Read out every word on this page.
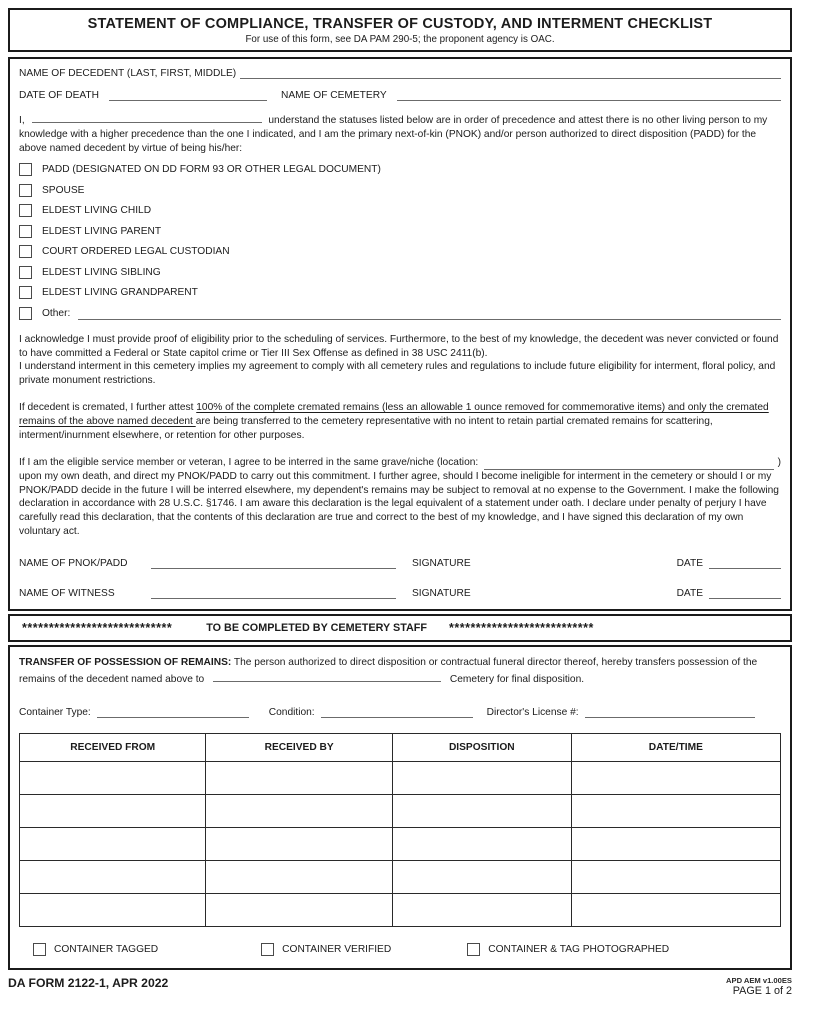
STATEMENT OF COMPLIANCE, TRANSFER OF CUSTODY, AND INTERMENT CHECKLIST
For use of this form, see DA PAM 290-5; the proponent agency is OAC.
NAME OF DECEDENT (LAST, FIRST, MIDDLE)
DATE OF DEATH	NAME OF CEMETERY
I,	understand the statuses listed below are in order of precedence and attest there is no other living person to my knowledge with a higher precedence than the one I indicated, and I am the primary next-of-kin (PNOK) and/or person authorized to direct disposition (PADD) for the above named decedent by virtue of being his/her:
PADD (DESIGNATED ON DD FORM 93 OR OTHER LEGAL DOCUMENT)
SPOUSE
ELDEST LIVING CHILD
ELDEST LIVING PARENT
COURT ORDERED LEGAL CUSTODIAN
ELDEST LIVING SIBLING
ELDEST LIVING GRANDPARENT
Other:
I acknowledge I must provide proof of eligibility prior to the scheduling of services. Furthermore, to the best of my knowledge, the decedent was never convicted or found to have committed a Federal or State capitol crime or Tier III Sex Offense as defined in 38 USC 2411(b).
I understand interment in this cemetery implies my agreement to comply with all cemetery rules and regulations to include future eligibility for interment, floral policy, and private monument restrictions.
If decedent is cremated, I further attest 100% of the complete cremated remains (less an allowable 1 ounce removed for commemorative items) and only the cremated remains of the above named decedent are being transferred to the cemetery representative with no intent to retain partial cremated remains for scattering, interment/inurnment elsewhere, or retention for other purposes.
If I am the eligible service member or veteran, I agree to be interred in the same grave/niche (location:	)
upon my own death, and direct my PNOK/PADD to carry out this commitment. I further agree, should I become ineligible for interment in the cemetery or should I or my PNOK/PADD decide in the future I will be interred elsewhere, my dependent's remains may be subject to removal at no expense to the Government. I make the following declaration in accordance with 28 U.S.C. §1746. I am aware this declaration is the legal equivalent of a statement under oath. I declare under penalty of perjury I have carefully read this declaration, that the contents of this declaration are true and correct to the best of my knowledge, and I have signed this declaration of my own voluntary act.
NAME OF PNOK/PADD	SIGNATURE	DATE
NAME OF WITNESS	SIGNATURE	DATE
****************************	TO BE COMPLETED BY CEMETERY STAFF ***************************
TRANSFER OF POSSESSION OF REMAINS: The person authorized to direct disposition or contractual funeral director thereof, hereby transfers possession of the remains of the decedent named above to	Cemetery for final disposition.
Container Type:	Condition:	Director's License #:
RECEIVED FROM	RECEIVED BY	DISPOSITION	DATE/TIME

CONTAINER TAGGED	CONTAINER VERIFIED	CONTAINER & TAG PHOTOGRAPHED
DA FORM 2122-1, APR 2022	APD AEM v1.00ES
PAGE 1 of 2
